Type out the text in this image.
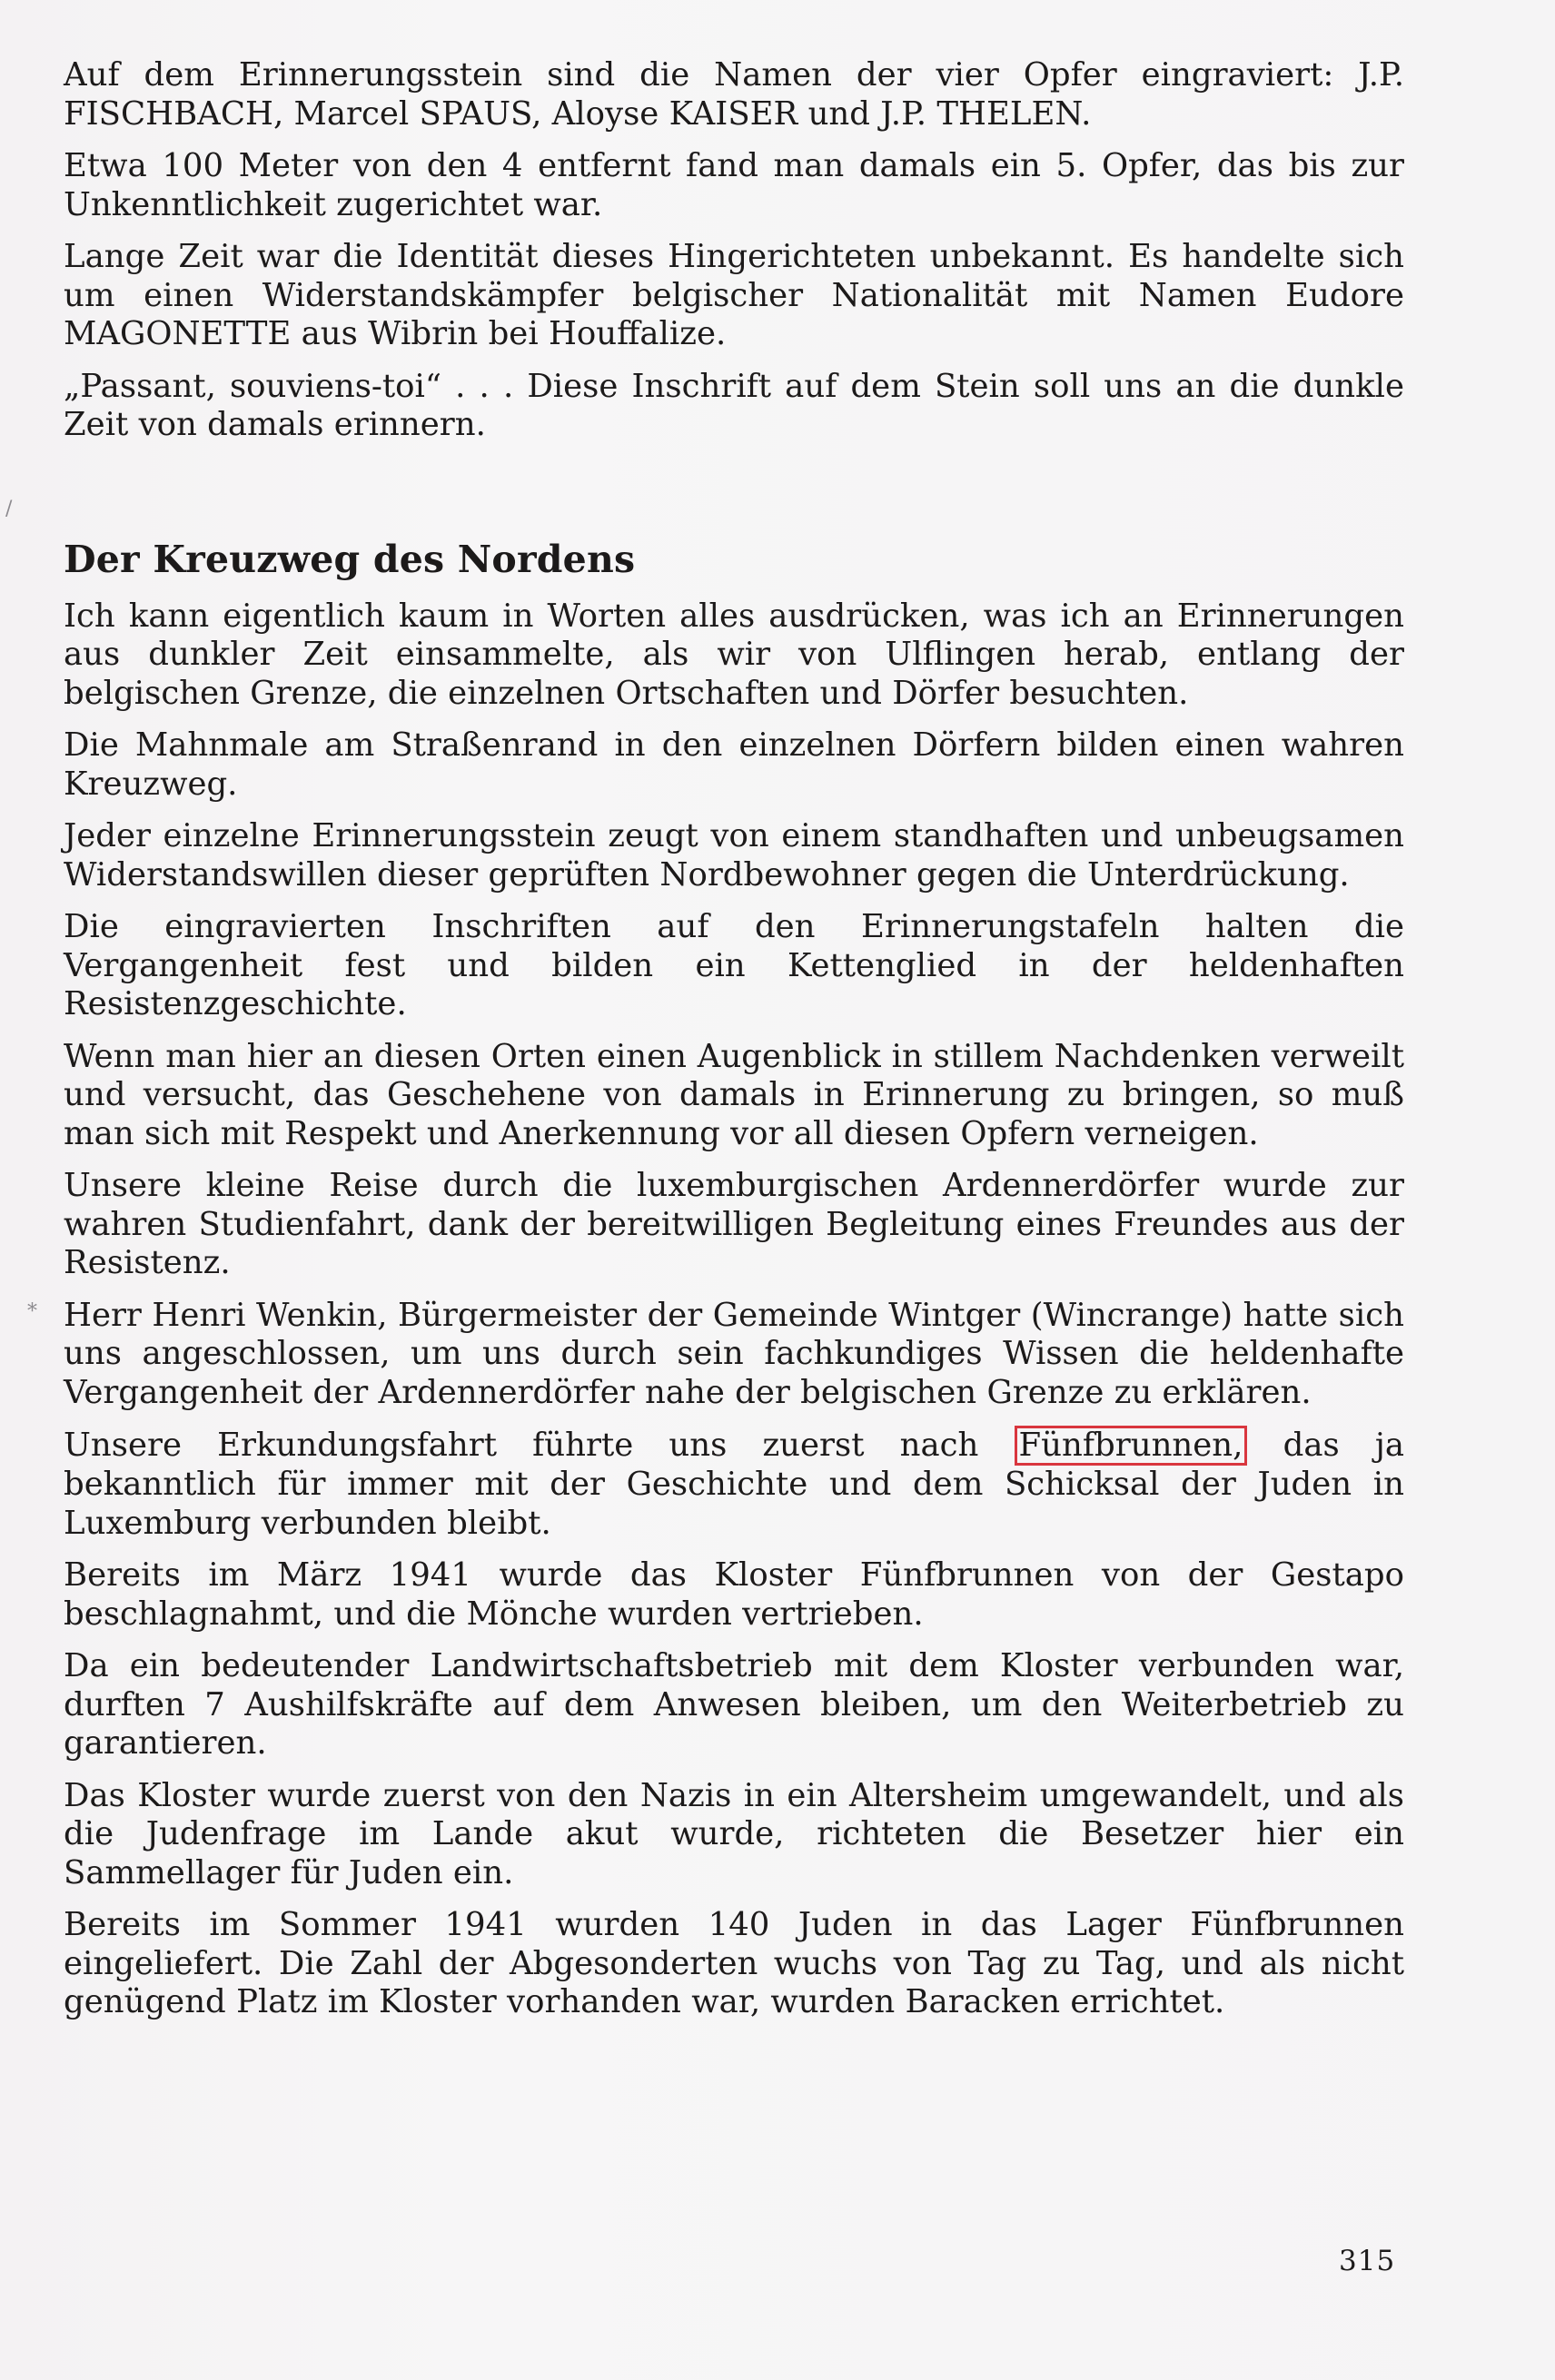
Auf dem Erinnerungsstein sind die Namen der vier Opfer eingraviert: J.P. FISCHBACH, Marcel SPAUS, Aloyse KAISER und J.P. THELEN.

Etwa 100 Meter von den 4 entfernt fand man damals ein 5. Opfer, das bis zur Unkenntlichkeit zugerichtet war.

Lange Zeit war die Identität dieses Hingerichteten unbekannt. Es handelte sich um einen Widerstandskämpfer belgischer Nationalität mit Namen Eudore MAGONETTE aus Wibrin bei Houffalize.

„Passant, souviens-toi“ . . . Diese Inschrift auf dem Stein soll uns an die dunkle Zeit von damals erinnern.

Der Kreuzweg des Nordens

Ich kann eigentlich kaum in Worten alles ausdrücken, was ich an Erinnerungen aus dunkler Zeit einsammelte, als wir von Ulflingen herab, entlang der belgischen Grenze, die einzelnen Ortschaften und Dörfer besuchten.

Die Mahnmale am Straßenrand in den einzelnen Dörfern bilden einen wahren Kreuzweg.

Jeder einzelne Erinnerungsstein zeugt von einem standhaften und unbeugsamen Widerstandswillen dieser geprüften Nordbewohner gegen die Unterdrückung.

Die eingravierten Inschriften auf den Erinnerungstafeln halten die Vergangenheit fest und bilden ein Kettenglied in der heldenhaften Resistenzgeschichte.

Wenn man hier an diesen Orten einen Augenblick in stillem Nachdenken verweilt und versucht, das Geschehene von damals in Erinnerung zu bringen, so muß man sich mit Respekt und Anerkennung vor all diesen Opfern verneigen.

Unsere kleine Reise durch die luxemburgischen Ardennerdörfer wurde zur wahren Studienfahrt, dank der bereitwilligen Begleitung eines Freundes aus der Resistenz.

Herr Henri Wenkin, Bürgermeister der Gemeinde Wintger (Wincrange) hatte sich uns angeschlossen, um uns durch sein fachkundiges Wissen die heldenhafte Vergangenheit der Ardennerdörfer nahe der belgischen Grenze zu erklären.

Unsere Erkundungsfahrt führte uns zuerst nach Fünfbrunnen, das ja bekanntlich für immer mit der Geschichte und dem Schicksal der Juden in Luxemburg verbunden bleibt.

Bereits im März 1941 wurde das Kloster Fünfbrunnen von der Gestapo beschlagnahmt, und die Mönche wurden vertrieben.

Da ein bedeutender Landwirtschaftsbetrieb mit dem Kloster verbunden war, durften 7 Aushilfskräfte auf dem Anwesen bleiben, um den Weiterbetrieb zu garantieren.

Das Kloster wurde zuerst von den Nazis in ein Altersheim umgewandelt, und als die Judenfrage im Lande akut wurde, richteten die Besetzer hier ein Sammellager für Juden ein.

Bereits im Sommer 1941 wurden 140 Juden in das Lager Fünfbrunnen eingeliefert. Die Zahl der Abgesonderten wuchs von Tag zu Tag, und als nicht genügend Platz im Kloster vorhanden war, wurden Baracken errichtet.

/
*
315
